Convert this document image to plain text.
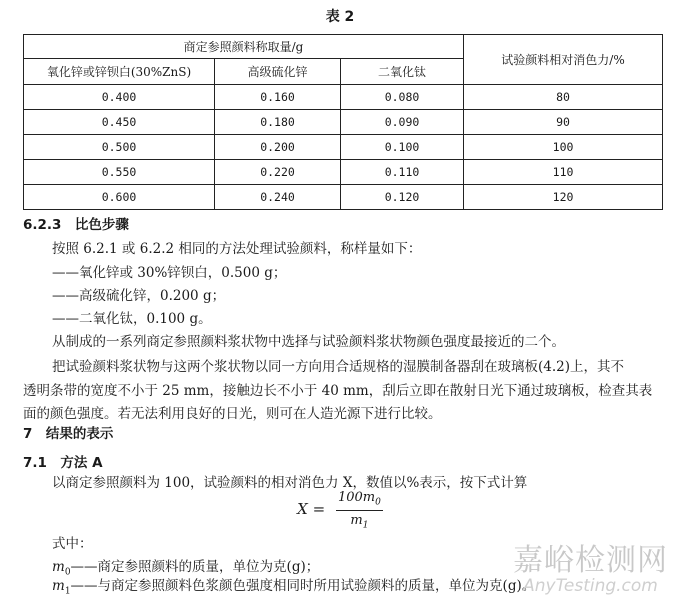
表 2
商定参照颜料称取量/g			试验颜料相对消色力/%
氧化锌或锌钡白(30%ZnS)	高级硫化锌	二氧化钛	
0.400	0.160	0.080	80
0.450	0.180	0.090	90
0.500	0.200	0.100	100
0.550	0.220	0.110	110
0.600	0.240	0.120	120
6.2.3　比色步骤
按照 6.2.1 或 6.2.2 相同的方法处理试验颜料，称样量如下：
——氧化锌或 30%锌钡白，0.500 g；
——高级硫化锌，0.200 g；
——二氧化钛，0.100 g。
从制成的一系列商定参照颜料浆状物中选择与试验颜料浆状物颜色强度最接近的二个。
把试验颜料浆状物与这两个浆状物以同一方向用合适规格的湿膜制备器刮在玻璃板(4.2)上，其不
透明条带的宽度不小于 25 mm，接触边长不小于 40 mm，刮后立即在散射日光下通过玻璃板，检查其表
面的颜色强度。若无法利用良好的日光，则可在人造光源下进行比较。
7　结果的表示
7.1　方法 A
以商定参照颜料为 100，试验颜料的相对消色力 X，数值以%表示，按下式计算
$X = \frac{100m_0}{m_1}$
式中：
$m_0——$商定参照颜料的质量，单位为克(g)；
$m_1——$与商定参照颜料色浆颜色强度相同时所用试验颜料的质量，单位为克(g)。
嘉峪检测网
AnyTesting.com
